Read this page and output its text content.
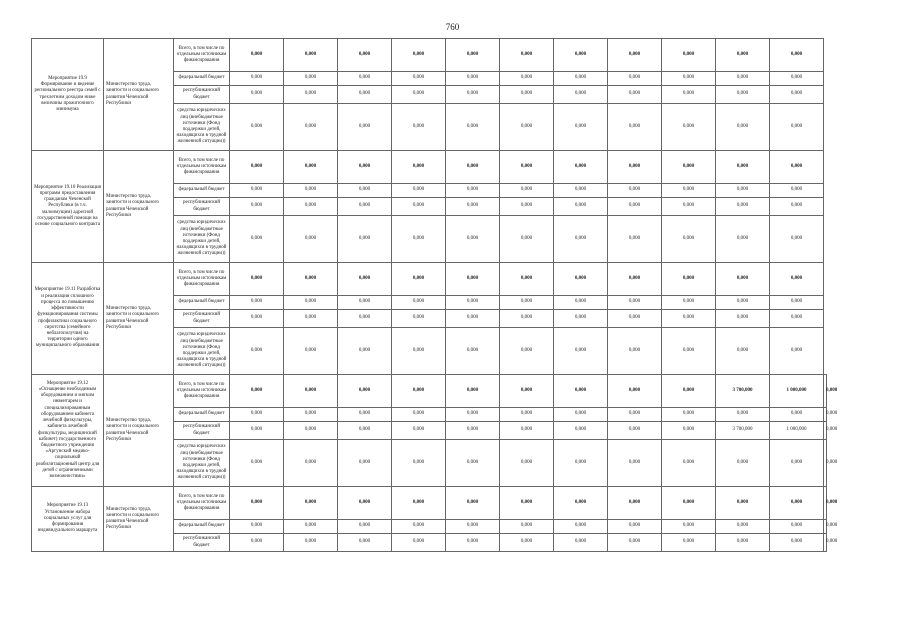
760
Мероприятие 19.9 Формирование и ведение регионального реестра семей с трехлетним доходом ниже величины прожиточного минимума	Министерство труда, занятости и социального развития Чеченской Республики	Всего, в том числе по отдельным источникам финансирования	0,000	0,000	0,000	0,000	0,000	0,000	0,000	0,000	0,000	0,000	0,000	
		федеральный бюджет	0,000	0,000	0,000	0,000	0,000	0,000	0,000	0,000	0,000	0,000	0,000	
		республиканский бюджет	0,000	0,000	0,000	0,000	0,000	0,000	0,000	0,000	0,000	0,000	0,000	
		средства юридических лиц (внебюджетные источники (Фонд поддержки детей, находящихся в трудной жизненной ситуации))	0,000	0,000	0,000	0,000	0,000	0,000	0,000	0,000	0,000	0,000	0,000	
Мероприятие 19.10 Реализация программ предоставления гражданам Чеченской Республики (в т.ч. малоимущим) адресной государственной помощи на основе социального контракта	Министерство труда, занятости и социального развития Чеченской Республики	Всего, в том числе по отдельным источникам финансирования	0,000	0,000	0,000	0,000	0,000	0,000	0,000	0,000	0,000	0,000	0,000	
		федеральный бюджет	0,000	0,000	0,000	0,000	0,000	0,000	0,000	0,000	0,000	0,000	0,000	
		республиканский бюджет	0,000	0,000	0,000	0,000	0,000	0,000	0,000	0,000	0,000	0,000	0,000	
		средства юридических лиц (внебюджетные источники (Фонд поддержки детей, находящихся в трудной жизненной ситуации))	0,000	0,000	0,000	0,000	0,000	0,000	0,000	0,000	0,000	0,000	0,000	
Мероприятие 19.11 Разработка и реализация сплошного процесса по повышению эффективности функционирования системы профилактики социального сиротства (семейного неблагополучия) на территории одного муниципального образования	Министерство труда, занятости и социального развития Чеченской Республики	Всего, в том числе по отдельным источникам финансирования	0,000	0,000	0,000	0,000	0,000	0,000	0,000	0,000	0,000	0,000	0,000	
		федеральный бюджет	0,000	0,000	0,000	0,000	0,000	0,000	0,000	0,000	0,000	0,000	0,000	
		республиканский бюджет	0,000	0,000	0,000	0,000	0,000	0,000	0,000	0,000	0,000	0,000	0,000	
		средства юридических лиц (внебюджетные источники (Фонд поддержки детей, находящихся в трудной жизненной ситуации))	0,000	0,000	0,000	0,000	0,000	0,000	0,000	0,000	0,000	0,000	0,000	
Мероприятие 19.12 «Оснащение необходимым оборудованием и мягким инвентарем и специализированным оборудованием кабинета лечебной физкультуры, кабинета лечебной физкультуры, медицинский кабинет) государственного бюджетного учреждения «Аргунский медико-социальный реабилитационный центр для детей с ограниченными возможностями»	Министерство труда, занятости и социального развития Чеченской Республики	Всего, в том числе по отдельным источникам финансирования	0,000	0,000	0,000	0,000	0,000	0,000	0,000	0,000	0,000	3 700,000	1 000,000	0,000
		федеральный бюджет	0,000	0,000	0,000	0,000	0,000	0,000	0,000	0,000	0,000	0,000	0,000	0,000
		республиканский бюджет	0,000	0,000	0,000	0,000	0,000	0,000	0,000	0,000	0,000	3 700,000	1 000,000	0,000
		средства юридических лиц (внебюджетные источники (Фонд поддержки детей, находящихся в трудной жизненной ситуации))	0,000	0,000	0,000	0,000	0,000	0,000	0,000	0,000	0,000	0,000	0,000	0,000
Мероприятие 19.13 Установление набора социальных услуг для формирования индивидуального маршрута	Министерство труда, занятости и социального развития Чеченской Республики	Всего, в том числе по отдельным источникам финансирования	0,000	0,000	0,000	0,000	0,000	0,000	0,000	0,000	0,000	0,000	0,000	0,000
		федеральный бюджет	0,000	0,000	0,000	0,000	0,000	0,000	0,000	0,000	0,000	0,000	0,000	0,000
		республиканский бюджет	0,000	0,000	0,000	0,000	0,000	0,000	0,000	0,000	0,000	0,000	0,000	0,000
